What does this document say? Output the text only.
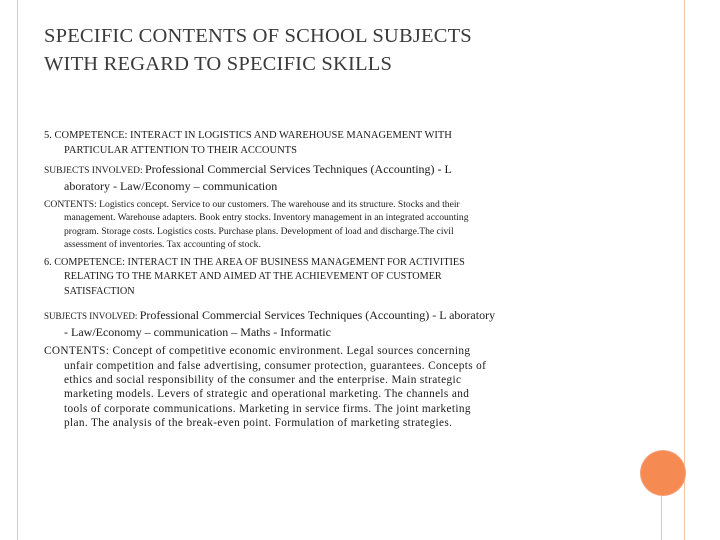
SPECIFIC CONTENTS OF SCHOOL SUBJECTS
WITH REGARD TO SPECIFIC SKILLS
5. COMPETENCE: INTERACT IN LOGISTICS AND WAREHOUSE MANAGEMENT WITH
PARTICULAR ATTENTION TO THEIR ACCOUNTS
SUBJECTS INVOLVED: Professional Commercial Services Techniques (Accounting) - L
aboratory - Law/Economy – communication
CONTENTS: Logistics concept. Service to our customers. The warehouse and its structure. Stocks and their
management. Warehouse adapters. Book entry stocks. Inventory management in an integrated accounting
program. Storage costs. Logistics costs. Purchase plans. Development of load and discharge.The civil
assessment of inventories. Tax accounting of stock.
6. COMPETENCE: INTERACT IN THE AREA OF BUSINESS MANAGEMENT FOR ACTIVITIES
RELATING TO THE MARKET AND AIMED AT THE ACHIEVEMENT OF CUSTOMER
SATISFACTION
SUBJECTS INVOLVED: Professional Commercial Services Techniques (Accounting) - L aboratory
- Law/Economy – communication – Maths - Informatic
CONTENTS: Concept of competitive economic environment. Legal sources concerning
unfair competition and false advertising, consumer protection, guarantees. Concepts of
ethics and social responsibility of the consumer and the enterprise. Main strategic
marketing models. Levers of strategic and operational marketing. The channels and
tools of corporate communications. Marketing in service firms. The joint marketing
plan. The analysis of the break-even point. Formulation of marketing strategies.
